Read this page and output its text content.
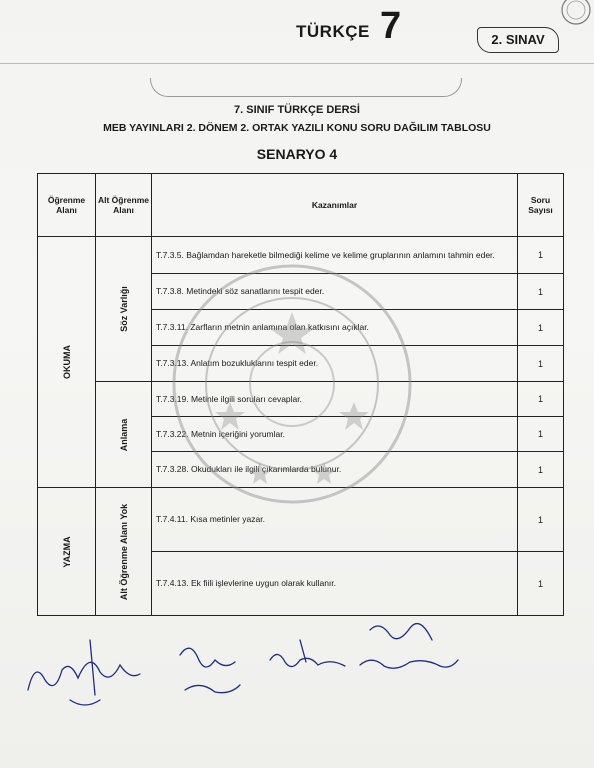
TÜRKÇE 7	2. SINAV
7. SINIF TÜRKÇE DERSİ
MEB YAYINLARI 2. DÖNEM 2. ORTAK YAZILI KONU SORU DAĞILIM TABLOSU
SENARYO 4
Öğrenme Alanı	Alt Öğrenme Alanı	Kazanımlar	Soru Sayısı

OKUMA	Söz Varlığı	T.7.3.5. Bağlamdan hareketle bilmediği kelime ve kelime gruplarının anlamını tahmin eder.	1
		T.7.3.8. Metindeki söz sanatlarını tespit eder.	1
		T.7.3.11. Zarfların metnin anlamına olan katkısını açıklar.	1
		T.7.3.13. Anlatım bozukluklarını tespit eder.	1

	Anlama	T.7.3.19. Metinle ilgili soruları cevaplar.	1
		T.7.3.22. Metnin içeriğini yorumlar.	1
		T.7.3.28. Okudukları ile ilgili çıkarımlarda bulunur.	1

YAZMA	Alt Öğrenme Alanı Yok	T.7.4.11. Kısa metinler yazar.	1
		T.7.4.13. Ek fiili işlevlerine uygun olarak kullanır.	1
